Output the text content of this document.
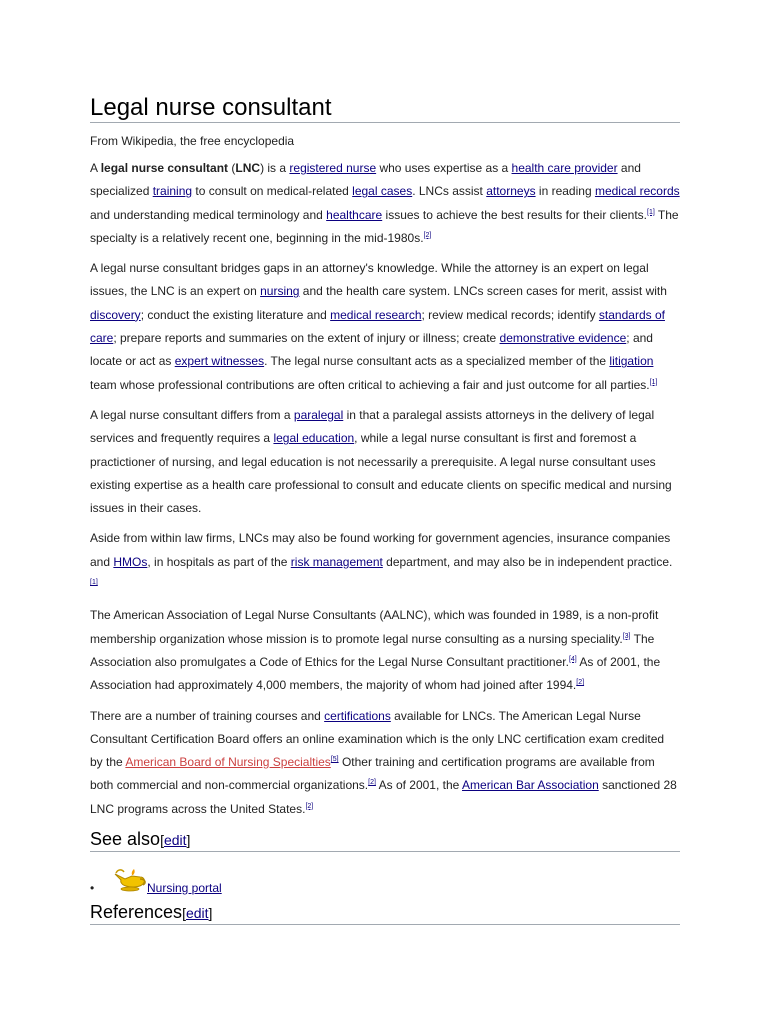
Legal nurse consultant
From Wikipedia, the free encyclopedia

A legal nurse consultant (LNC) is a registered nurse who uses expertise as a health care provider and specialized training to consult on medical-related legal cases. LNCs assist attorneys in reading medical records and understanding medical terminology and healthcare issues to achieve the best results for their clients.[1] The specialty is a relatively recent one, beginning in the mid-1980s.[2]

A legal nurse consultant bridges gaps in an attorney's knowledge. While the attorney is an expert on legal issues, the LNC is an expert on nursing and the health care system. LNCs screen cases for merit, assist with discovery; conduct the existing literature and medical research; review medical records; identify standards of care; prepare reports and summaries on the extent of injury or illness; create demonstrative evidence; and locate or act as expert witnesses. The legal nurse consultant acts as a specialized member of the litigation team whose professional contributions are often critical to achieving a fair and just outcome for all parties.[1]

A legal nurse consultant differs from a paralegal in that a paralegal assists attorneys in the delivery of legal services and frequently requires a legal education, while a legal nurse consultant is first and foremost a practictioner of nursing, and legal education is not necessarily a prerequisite. A legal nurse consultant uses existing expertise as a health care professional to consult and educate clients on specific medical and nursing issues in their cases.

Aside from within law firms, LNCs may also be found working for government agencies, insurance companies and HMOs, in hospitals as part of the risk management department, and may also be in independent practice.[1]

The American Association of Legal Nurse Consultants (AALNC), which was founded in 1989, is a non-profit membership organization whose mission is to promote legal nurse consulting as a nursing speciality.[3] The Association also promulgates a Code of Ethics for the Legal Nurse Consultant practitioner.[4] As of 2001, the Association had approximately 4,000 members, the majority of whom had joined after 1994.[2]

There are a number of training courses and certifications available for LNCs. The American Legal Nurse Consultant Certification Board offers an online examination which is the only LNC certification exam credited by the American Board of Nursing Specialties[5] Other training and certification programs are available from both commercial and non-commercial organizations.[2] As of 2001, the American Bar Association sanctioned 28 LNC programs across the United States.[2]

See also[edit]
•	Nursing portal
References[edit]
